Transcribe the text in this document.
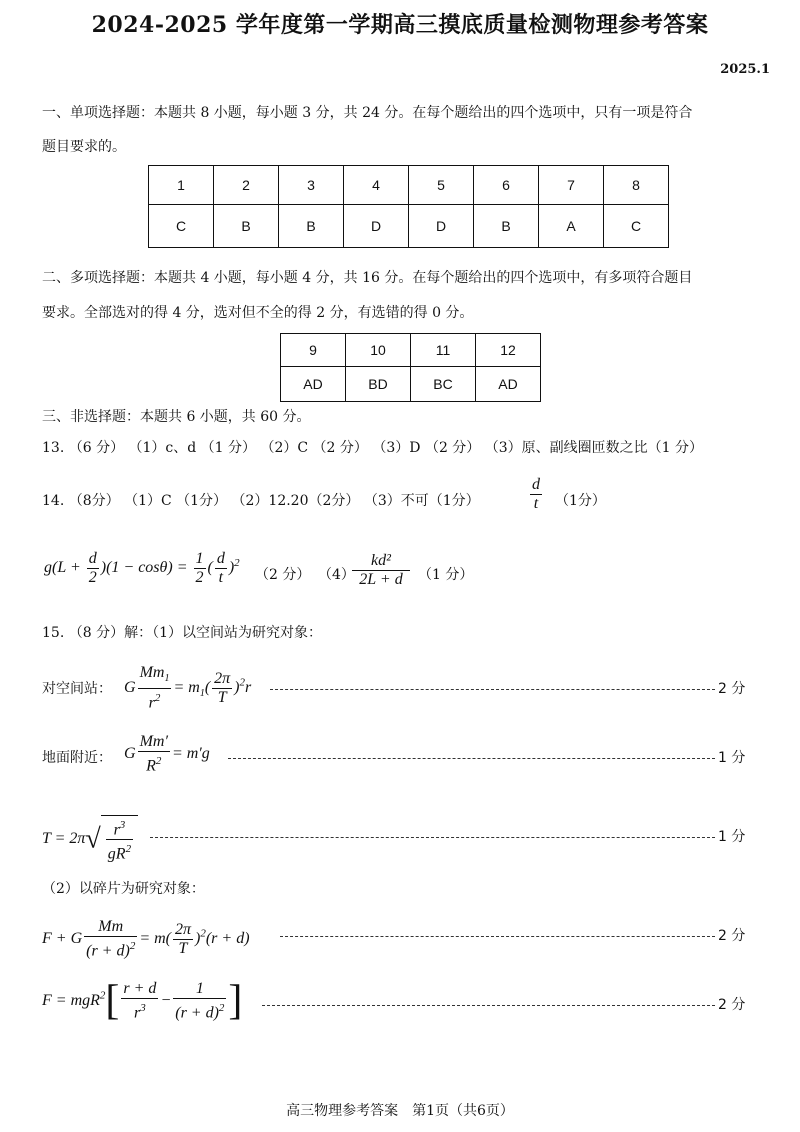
2024-2025 学年度第一学期高三摸底质量检测物理参考答案
2025.1
一、单项选择题：本题共 8 小题，每小题 3 分，共 24 分。在每个题给出的四个选项中，只有一项是符合
题目要求的。
1	2	3	4	5	6	7	8
C	B	B	D	D	B	A	C
二、多项选择题：本题共 4 小题，每小题 4 分，共 16 分。在每个题给出的四个选项中，有多项符合题目
要求。全部选对的得 4 分，选对但不全的得 2 分，有选错的得 0 分。
9	10	11	12
AD	BD	BC	AD
三、非选择题：本题共 6 小题，共 60 分。
13. （6 分） （1）c、d （1 分） （2）C （2 分） （3）D （2 分） （3）原、副线圈匝数之比（1 分）
14. （8分） （1）C （1分） （2）12.20（2分） （3）不可（1分）	$\frac{d}{t} (1$分）
$g(L + \frac{d}{2} )(1 - \cos\theta) = \frac{1}{2}$ ( $\frac{d}{t} )^2$
（2 分） （4）
$\frac{\text{kd²}}{2L + d} (1$ 分）
15. （8 分）解：（1）以空间站为研究对象：
对空间站： G $\frac{Mm_1}{r^2} = m_1( \frac{2\pi}{T} )^2r$	2 分
地面附近： G $\frac{Mm'}{R^2} = m'g$	1 分
$T = 2\pi√ \frac{r^3}{gR^2}$	1 分
（2）以碎片为研究对象：
F + G $\frac{Mm}{(r + d)^2} = m( \frac{2\pi}{T} )^2(r + d)$	2 分
$F = mgR^2[ \frac{r + d}{r^3} - \frac{1}{(r + d)^2}$ ]	2 分
高三物理参考答案　第1页（共6页）
